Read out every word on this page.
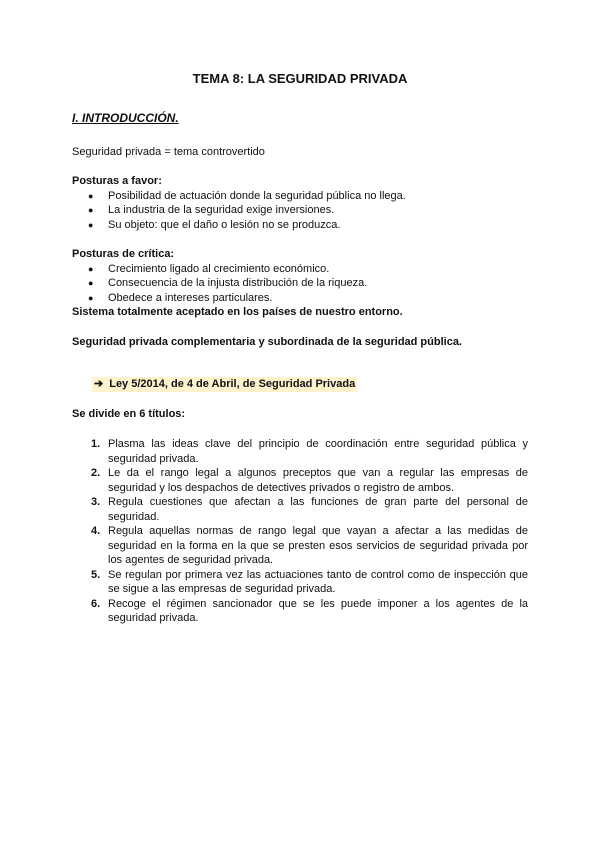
TEMA 8: LA SEGURIDAD PRIVADA
I. INTRODUCCIÓN.
Seguridad privada = tema controvertido
Posturas a favor:
● Posibilidad de actuación donde la seguridad pública no llega.
● La industria de la seguridad exige inversiones.
● Su objeto: que el daño o lesión no se produzca.
Posturas de crítica:
● Crecimiento ligado al crecimiento económico.
● Consecuencia de la injusta distribución de la riqueza.
● Obedece a intereses particulares.
Sistema totalmente aceptado en los países de nuestro entorno.
Seguridad privada complementaria y subordinada de la seguridad pública.
➔ Ley 5/2014, de 4 de Abril, de Seguridad Privada
Se divide en 6 títulos:
1. Plasma las ideas clave del principio de coordinación entre seguridad pública y seguridad privada.
2. Le da el rango legal a algunos preceptos que van a regular las empresas de seguridad y los despachos de detectives privados o registro de ambos.
3. Regula cuestiones que afectan a las funciones de gran parte del personal de seguridad.
4. Regula aquellas normas de rango legal que vayan a afectar a las medidas de seguridad en la forma en la que se presten esos servicios de seguridad privada por los agentes de seguridad privada.
5. Se regulan por primera vez las actuaciones tanto de control como de inspección que se sigue a las empresas de seguridad privada.
6. Recoge el régimen sancionador que se les puede imponer a los agentes de la seguridad privada.
